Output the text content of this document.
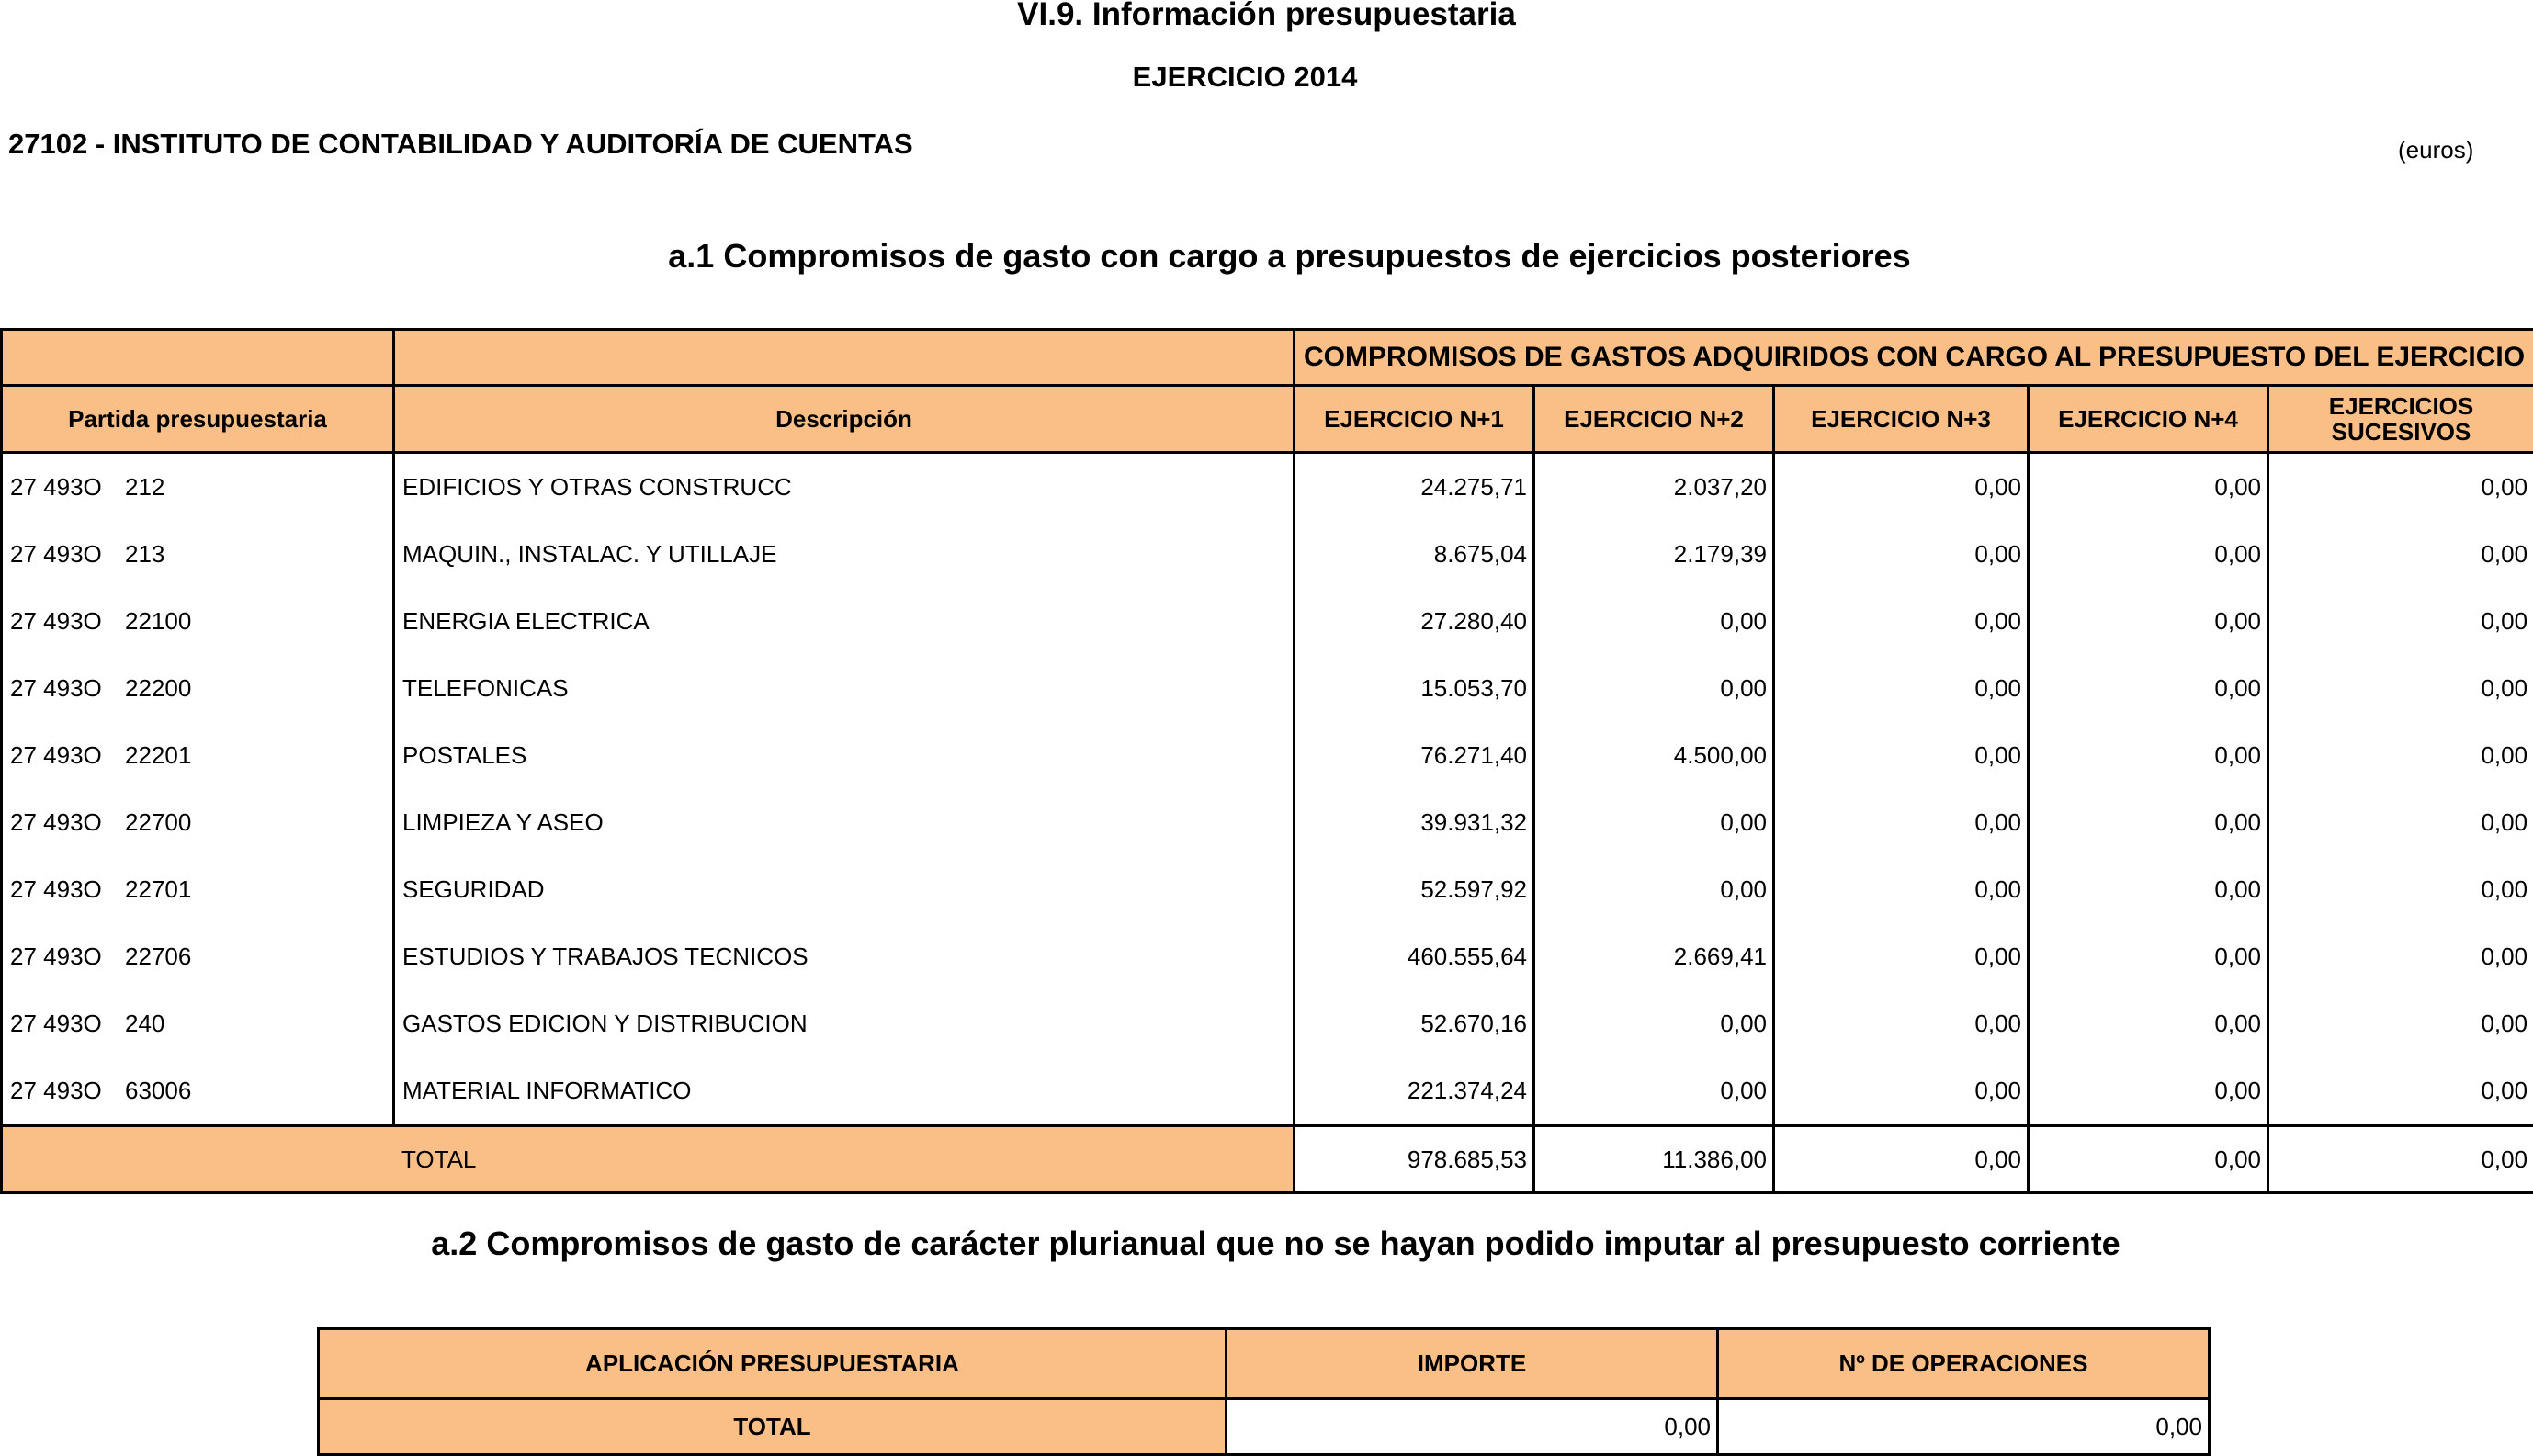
VI.9. Información presupuestaria
EJERCICIO 2014
27102 - INSTITUTO DE CONTABILIDAD Y AUDITORÍA DE CUENTAS	(euros)
a.1 Compromisos de gasto con cargo a presupuestos de ejercicios posteriores
		COMPROMISOS DE GASTOS ADQUIRIDOS CON CARGO AL PRESUPUESTO DEL EJERCICIO				
Partida presupuestaria	Descripción	EJERCICIO N+1	EJERCICIO N+2	EJERCICIO N+3	EJERCICIO N+4	EJERCICIOS
SUCESIVOS

27 493O 212	EDIFICIOS Y OTRAS CONSTRUCC	24.275,71	2.037,20	0,00	0,00	0,00
27 493O 213	MAQUIN., INSTALAC. Y UTILLAJE	8.675,04	2.179,39	0,00	0,00	0,00
27 493O 22100	ENERGIA ELECTRICA	27.280,40	0,00	0,00	0,00	0,00
27 493O 22200	TELEFONICAS	15.053,70	0,00	0,00	0,00	0,00
27 493O 22201	POSTALES	76.271,40	4.500,00	0,00	0,00	0,00
27 493O 22700	LIMPIEZA Y ASEO	39.931,32	0,00	0,00	0,00	0,00
27 493O 22701	SEGURIDAD	52.597,92	0,00	0,00	0,00	0,00
27 493O 22706	ESTUDIOS Y TRABAJOS TECNICOS	460.555,64	2.669,41	0,00	0,00	0,00
27 493O 240	GASTOS EDICION Y DISTRIBUCION	52.670,16	0,00	0,00	0,00	0,00
27 493O 63006	MATERIAL INFORMATICO	221.374,24	0,00	0,00	0,00	0,00
TOTAL		978.685,53	11.386,00	0,00	0,00	0,00
a.2 Compromisos de gasto de carácter plurianual que no se hayan podido imputar al presupuesto corriente
APLICACIÓN PRESUPUESTARIA	IMPORTE	Nº DE OPERACIONES
TOTAL	0,00	0,00
